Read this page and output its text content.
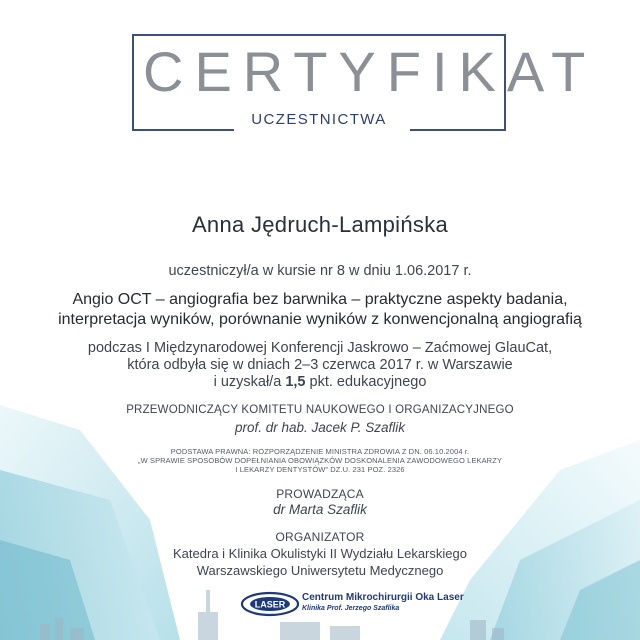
CERTYFIKAT
UCZESTNICTWA
Anna Jędruch-Lampińska
uczestniczył/a w kursie nr 8 w dniu 1.06.2017 r.
Angio OCT – angiografia bez barwnika – praktyczne aspekty badania,
interpretacja wyników, porównanie wyników z konwencjonalną angiografią
podczas I Międzynarodowej Konferencji Jaskrowo – Zaćmowej GlauCat,
która odbyła się w dniach 2–3 czerwca 2017 r. w Warszawie
i uzyskał/a 1,5 pkt. edukacyjnego
PRZEWODNICZĄCY KOMITETU NAUKOWEGO I ORGANIZACYJNEGO
prof. dr hab. Jacek P. Szaflik
PODSTAWA PRAWNA: ROZPORZĄDZENIE MINISTRA ZDROWIA Z DN. 06.10.2004 r.
„W SPRAWIE SPOSOBÓW DOPEŁNIANIA OBOWIĄZKÓW DOSKONALENIA ZAWODOWEGO LEKARZY
I LEKARZY DENTYSTÓW” DZ.U. 231 POZ. 2326
PROWADZĄCA
dr Marta Szaflik
ORGANIZATOR
Katedra i Klinika Okulistyki II Wydziału Lekarskiego
Warszawskiego Uniwersytetu Medycznego
LASER
Centrum Mikrochirurgii Oka Laser
Klinika Prof. Jerzego Szaflika
